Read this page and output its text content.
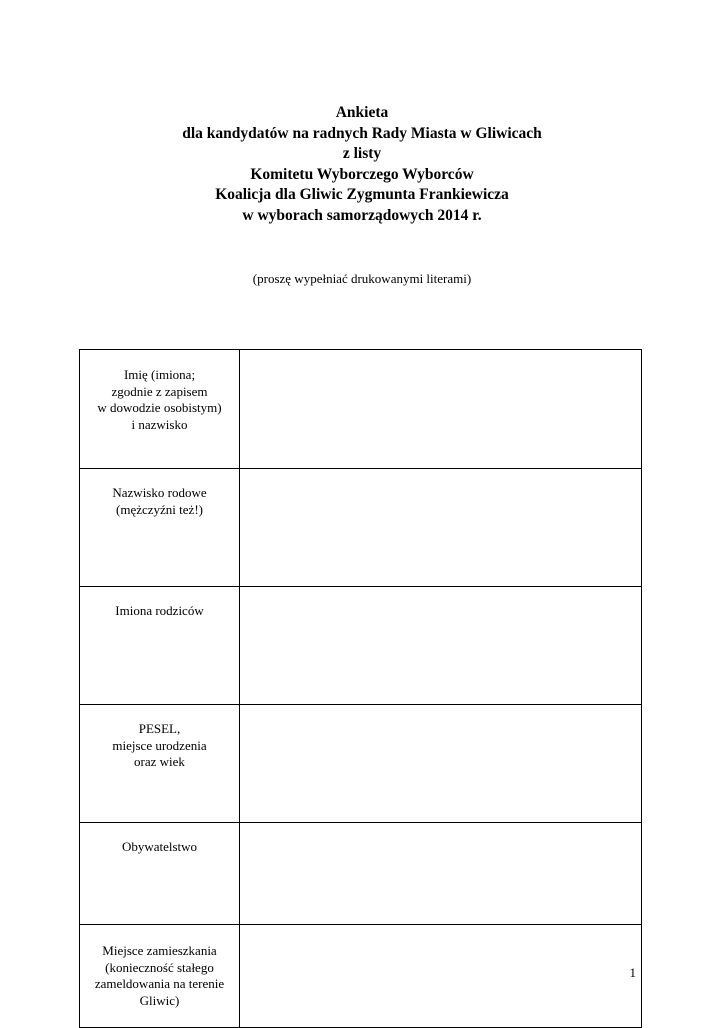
Ankieta
dla kandydatów na radnych Rady Miasta w Gliwicach
z listy
Komitetu Wyborczego Wyborców
Koalicja dla Gliwic Zygmunta Frankiewicza
w wyborach samorządowych 2014 r.
(proszę wypełniać drukowanymi literami)
Imię (imiona;
zgodnie z zapisem
w dowodzie osobistym)
i nazwisko	

Nazwisko rodowe
(mężczyźni też!)	

Imiona rodziców	

PESEL,
miejsce urodzenia
oraz wiek	

Obywatelstwo	

Miejsce zamieszkania
(konieczność stałego
zameldowania na terenie
Gliwic)	

1
